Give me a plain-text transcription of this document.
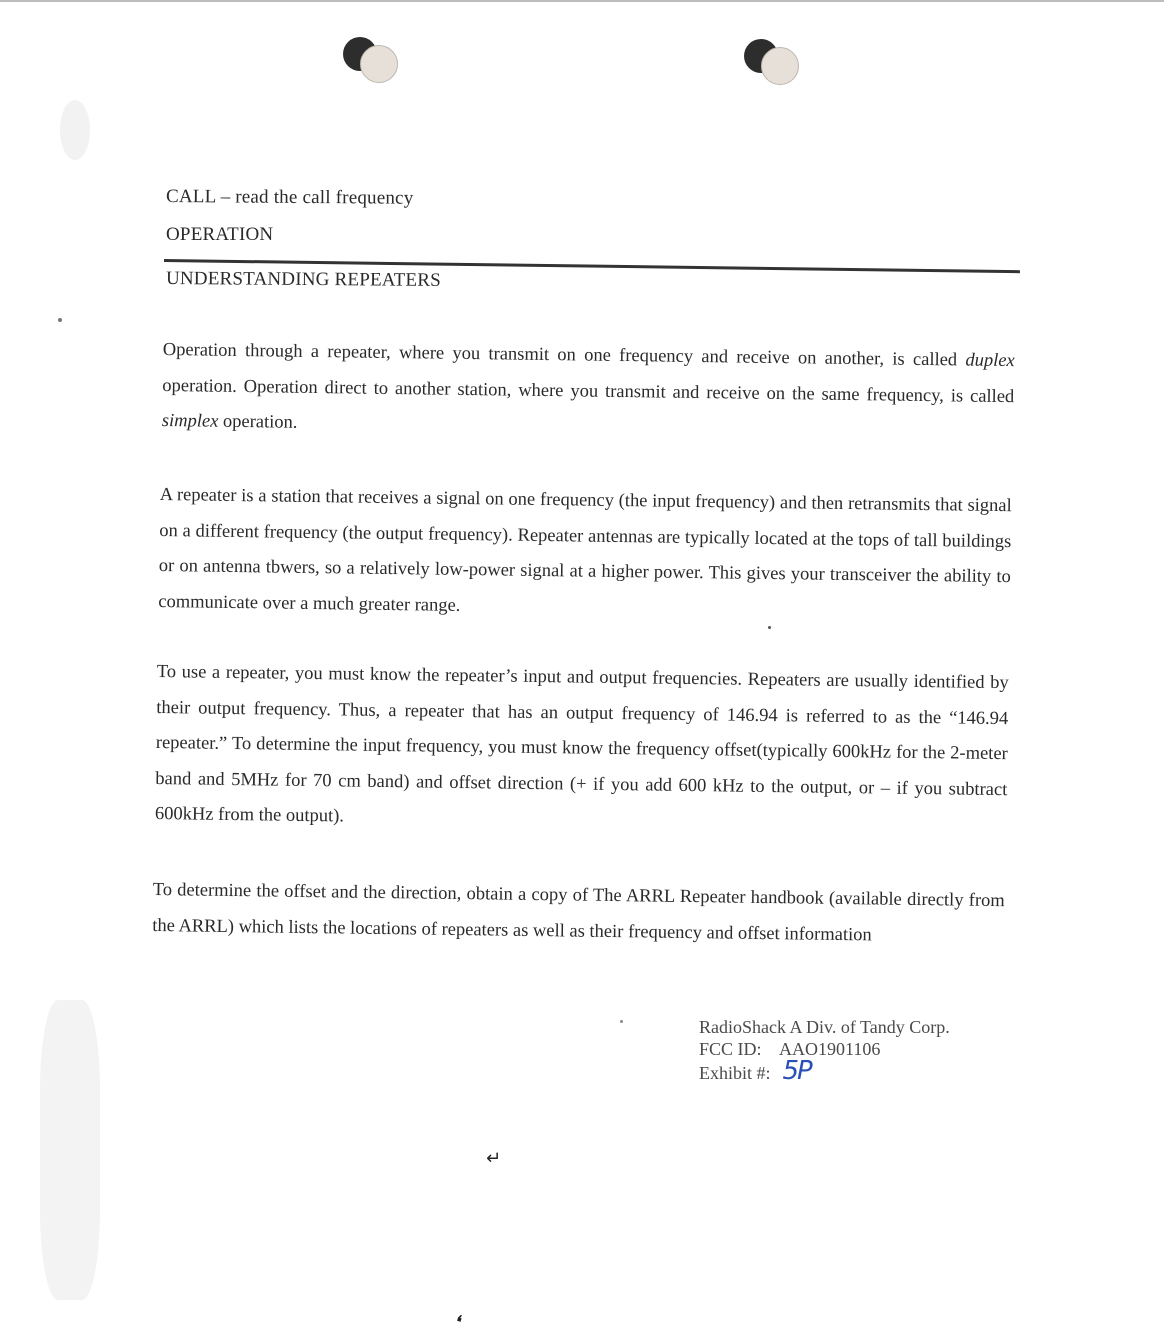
CALL – read the call frequency
OPERATION
UNDERSTANDING REPEATERS
Operation through a repeater, where you transmit on one frequency and receive on another, is called duplex operation. Operation direct to another station, where you transmit and receive on the same frequency, is called simplex operation.
A repeater is a station that receives a signal on one frequency (the input frequency) and then retransmits that signal on a different frequency (the output frequency). Repeater antennas are typically located at the tops of tall buildings or on antenna tbwers, so a relatively low-power signal at a higher power. This gives your transceiver the ability to communicate over a much greater range.
To use a repeater, you must know the repeater’s input and output frequencies. Repeaters are usually identified by their output frequency. Thus, a repeater that has an output frequency of 146.94 is referred to as the “146.94 repeater.” To determine the input frequency, you must know the frequency offset(typically 600kHz for the 2-meter band and 5MHz for 70 cm band) and offset direction (+ if you add 600 kHz to the output, or – if you subtract 600kHz from the output).
To determine the offset and the direction, obtain a copy of The ARRL Repeater handbook (available directly from the ARRL) which lists the locations of repeaters as well as their frequency and offset information
RadioShack A Div. of Tandy Corp.
FCC ID: AAO1901106
Exhibit #: 5P
↵
❛
